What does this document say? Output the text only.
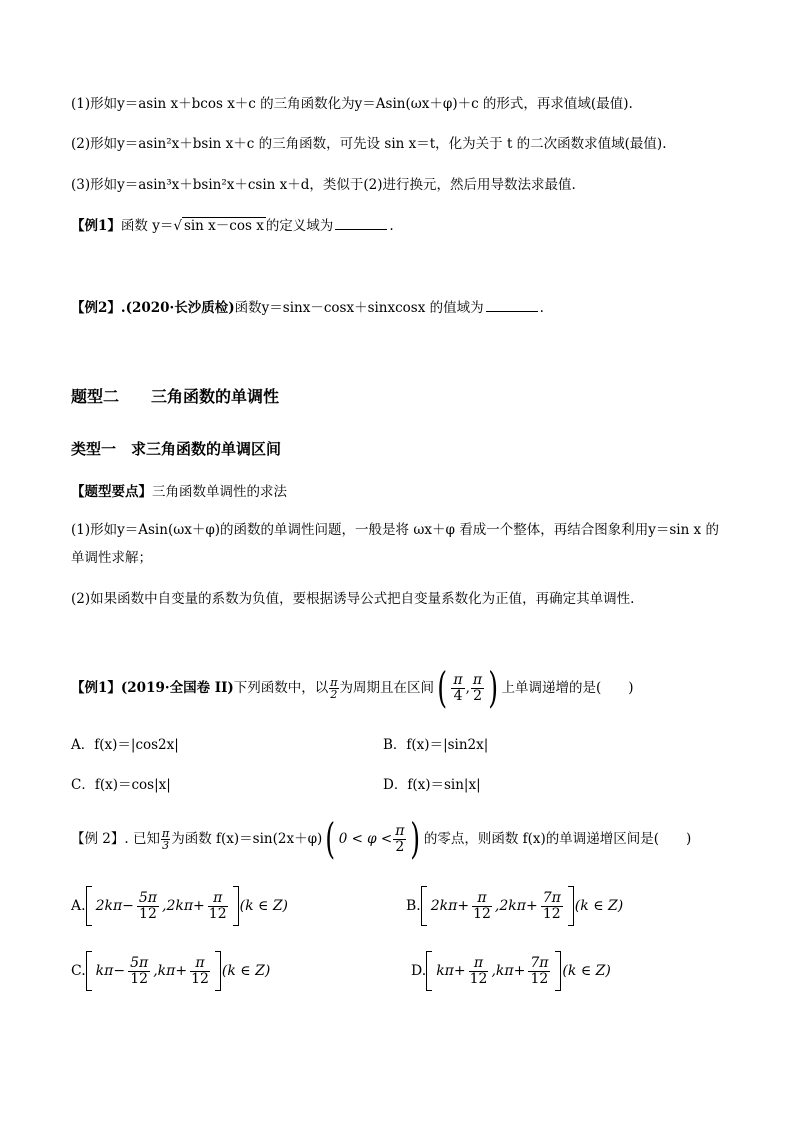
(1)形如y＝asin x＋bcos x＋c 的三角函数化为y＝Asin(ωx＋φ)＋c 的形式，再求值域(最值).
(2)形如y＝asin²x＋bsin x＋c 的三角函数，可先设 sin x＝t，化为关于 t 的二次函数求值域(最值).
(3)形如y＝asin³x＋bsin²x＋csin x＋d，类似于(2)进行换元，然后用导数法求最值.
【例1】函数 y＝√ sin x－cos x 的定义域为	.
【例2】.(2020·长沙质检)函数y＝sinx－cosx＋sinxcosx 的值域为	.
题型二　　三角函数的单调性
类型一　求三角函数的单调区间
【题型要点】三角函数单调性的求法
(1)形如y＝Asin(ωx＋φ)的函数的单调性问题，一般是将 ωx＋φ 看成一个整体，再结合图象利用y＝sin x 的
单调性求解；
(2)如果函数中自变量的系数为负值，要根据诱导公式把自变量系数化为正值，再确定其单调性.
【例1】 (2019·全国卷 II) 下列函数中，以 $\frac{\pi}{2}$ 为周期且在区间 ( $\frac{\pi}{4}$ , $\frac{\pi}{2}$ ) 上单调递增的是(　　)
A．f(x)＝|cos2x|	B．f(x)＝|sin2x|
C．f(x)＝cos|x|	D．f(x)＝sin|x|
【例 2】 . 已知 $\frac{\pi}{3}$ 为函数 f(x)＝sin(2x＋φ) ( $0 < \varphi < \frac{\pi}{2}$ ) 的零点，则函数 f(x)的单调递增区间是(　　)
A. $2k\pi- \frac{5\pi}{12} ,2k\pi+ \frac{\pi}{12} (k$ ∈ Z)	B. $2k\pi+ \frac{\pi}{12} ,2k\pi+ \frac{7\pi}{12} (k$ ∈ Z)
C. $k\pi- \frac{5\pi}{12} ,k\pi+ \frac{\pi}{12} (k$ ∈ Z)	D. $k\pi+ \frac{\pi}{12} ,k\pi+ \frac{7\pi}{12} (k$ ∈ Z)
